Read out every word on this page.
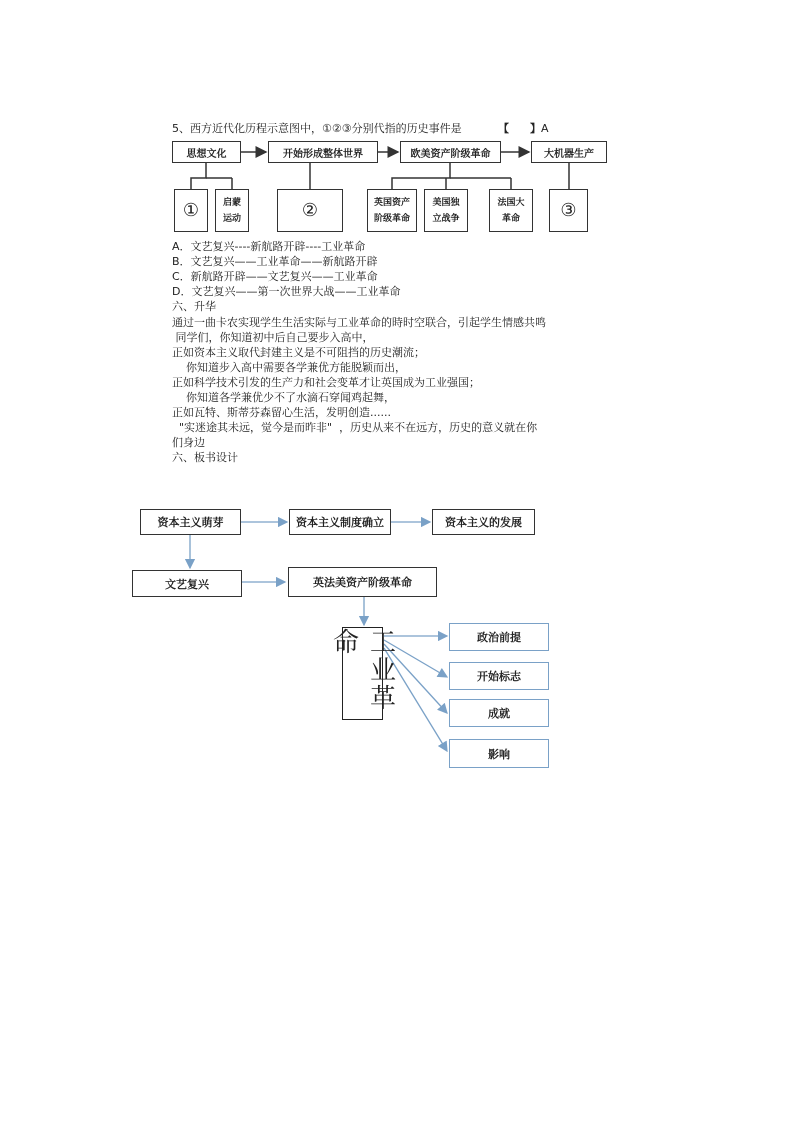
5、西方近代化历程示意图中，①②③分别代指的历史事件是	【 】 A
思想文化	开始形成整体世界	欧美资产阶级革命	大机器生产
①	启蒙
运动	②	英国资产
阶级革命
美国独
立战争
法国大
革命	③
A．文艺复兴----新航路开辟----工业革命
B．文艺复兴——工业革命——新航路开辟
C．新航路开辟——文艺复兴——工业革命
D．文艺复兴——第一次世界大战——工业革命
六、升华
通过一曲卡农实现学生生活实际与工业革命的時时空联合，引起学生情感共鸣
同学们，你知道初中后自己要步入高中，
正如资本主义取代封建主义是不可阻挡的历史潮流；
你知道步入高中需要各学兼优方能脱颖而出，
正如科学技术引发的生产力和社会变革才让英国成为工业强国；
你知道各学兼优少不了水滴石穿闻鸡起舞，
正如瓦特、斯蒂芬森留心生活，发明创造......
"实迷途其未远，觉今是而昨非"  ，历史从来不在远方，历史的意义就在你
们身边
六、板书设计
资本主义萌芽	资本主义制度确立	资本主义的发展
文艺复兴	英法美资产阶级革命
工业革命	政治前提
开始标志
成就
影响
